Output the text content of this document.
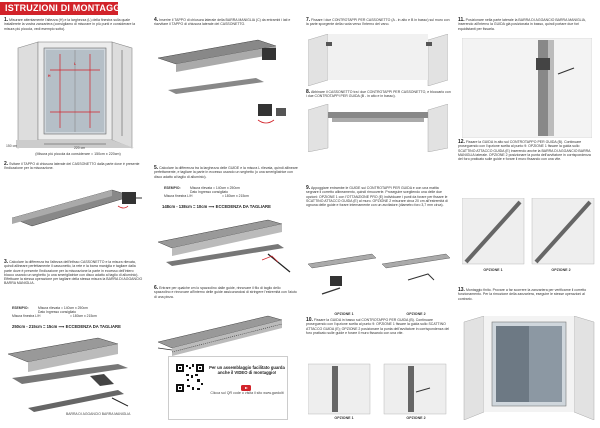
ISTRUZIONI DI MONTAGGIO
1. Misurare attentamente l'altezza (H) e la larghezza (L) della finestra sulla quale installerete la vostra zanzariera (consigliamo di misurare in più punti e considerare la misura più piccola, vedi esempio sotto).
H
L
150 cm	220 cm
(Misura più piccola da considerare = 150cm x 220cm)
2. Svitare il TAPPO di chiusura laterale del CASSONETTO dalla parte dove è presente l'indicazione per la misurazione.
3. Calcolare la differenza tra l'altezza dell'infisso CASSONETTO e la misura rilevata, quindi allineare perfettamente il cassonetto, la rete e la barra maniglia e tagliare dalla parte dove è presente l'indicazione per la misurazione la parte in eccesso dell'intero blocco usando un seghetto (o una smerigliatrice con disco adatto al taglio di alluminio). Effettuare la stessa operazione per tagliare della stessa misura la BARRA DI AGGANCIO BARRA MANIGLIA.
ESEMPIO:	Misura rilevata = 140cm x 250cm

Dato Ingresso consigliato

Misura finestra L/H	= 180cm x 215cm
250cm - 215cm = 15cm ⟶ ECCEDENZA DA TAGLIARE
BARRA DI AGGANCIO BARRA MANIGLIA
4. Inserire il TAPPO di chiusura laterale della BARRA MANIGLIA (C) da entrambi i lati e riavvitare il TAPPO di chiusura laterale del CASSONETTO.
5. Calcolare la differenza tra la larghezza delle GUIDE e la misura L rilevata, quindi allineare perfettamente, e tagliare la parte in eccesso usando un seghetto (o una smerigliatrice con disco adatto al taglio di alluminio).
ESEMPIO:	Misura rilevata = 140cm x 250cm

Dato Ingresso consigliato

Misura finestra L/H	= 180cm x 215cm
148cm - 138cm = 10cm ⟶ ECCEDENZA DA TAGLIARE
6. Entrare per qualche cm lo spazzolino dalle guide, rinnovare il filo di taglio dello spazzolino e rinnovare all'interno delle guide assicurandosi di stringere l'estremità con l'aiuto di una pinza.
Per un assemblaggio facilitato guarda anche il VIDEO di montaggio!
Clicca sul QR code o visita il sito www.gardolit
7. Fissare i due CONTROTAPPI PER CASSONETTO (A - in alto e B in basso) sul muro con la parte sporgente della ruota verso l'interno del vano.
8. Abbinare il CASSONETTO tra i due CONTROTAPPI PER CASSONETTO, e bloccarlo con i due CONTROTAPPI PER GUIDA (B - in alto e in basso).
9. Appoggiare entrambe le GUIDE sui CONTROTAPPI PER GUIDA e con una matita segnare il corretto allineamento, quindi rimuoverle. Proseguire scegliendo una delle due opzioni: OPZIONE 1 con l'OTTANZIONE PRO (E) individuare i punti da forare per fissare le SCATTINO ATTACCO GUIDA (E) al muro. OPZIONE 2 misurare circa 20 cm all'estremità di ognuna delle guide e forare internamente con un avvitatore (diametro foro 3,7 mm circa).
OPZIONE 1	OPZIONE 2
10. Fissare la GUIDA in basso sul CONTROTAPPO PER GUIDA (B). Continuare proseguendo con l'opzione scelta al punto 9: OPZIONE 1 fissare la guida sullo SCATTINO ATTACCO GUIDA (E); OPZIONE 2 posizionare la punta dell'avvitatore in corrispondenza del foro praticato sulle guide e forare il muro fissando con una vite.
OPZIONE 1	OPZIONE 2
11. Posizionare nella parte laterale la BARRA DI AGGANCIO BARRA MANIGLIA, inserendo all'interno la GUIDA già posizionata in basso, quindi portare due fori equidistanti per fissarla.
12. Fissare la GUIDA in alto sul CONTROTAPPO PER GUIDA (B). Continuare proseguendo con l'opzione scelta al punto 9: OPZIONE 1 fissare la guida sullo SCATTINO ATTACCO GUIDA (E) inserendo anche la BARRA DI AGGANCIO BARRA MANIGLIA laterale. OPZIONE 2 posizionare la punta dell'avvitatore in corrispondenza del foro praticato sulle guide e forare il muro fissando con una vite.
OPZIONE 1	OPZIONE 2
13. Montaggio finito. Provare a far scorrere la zanzariera per verificarne il corretto funzionamento. Per la rimozione della zanzariera, eseguire le stesse operazioni al contrario.
